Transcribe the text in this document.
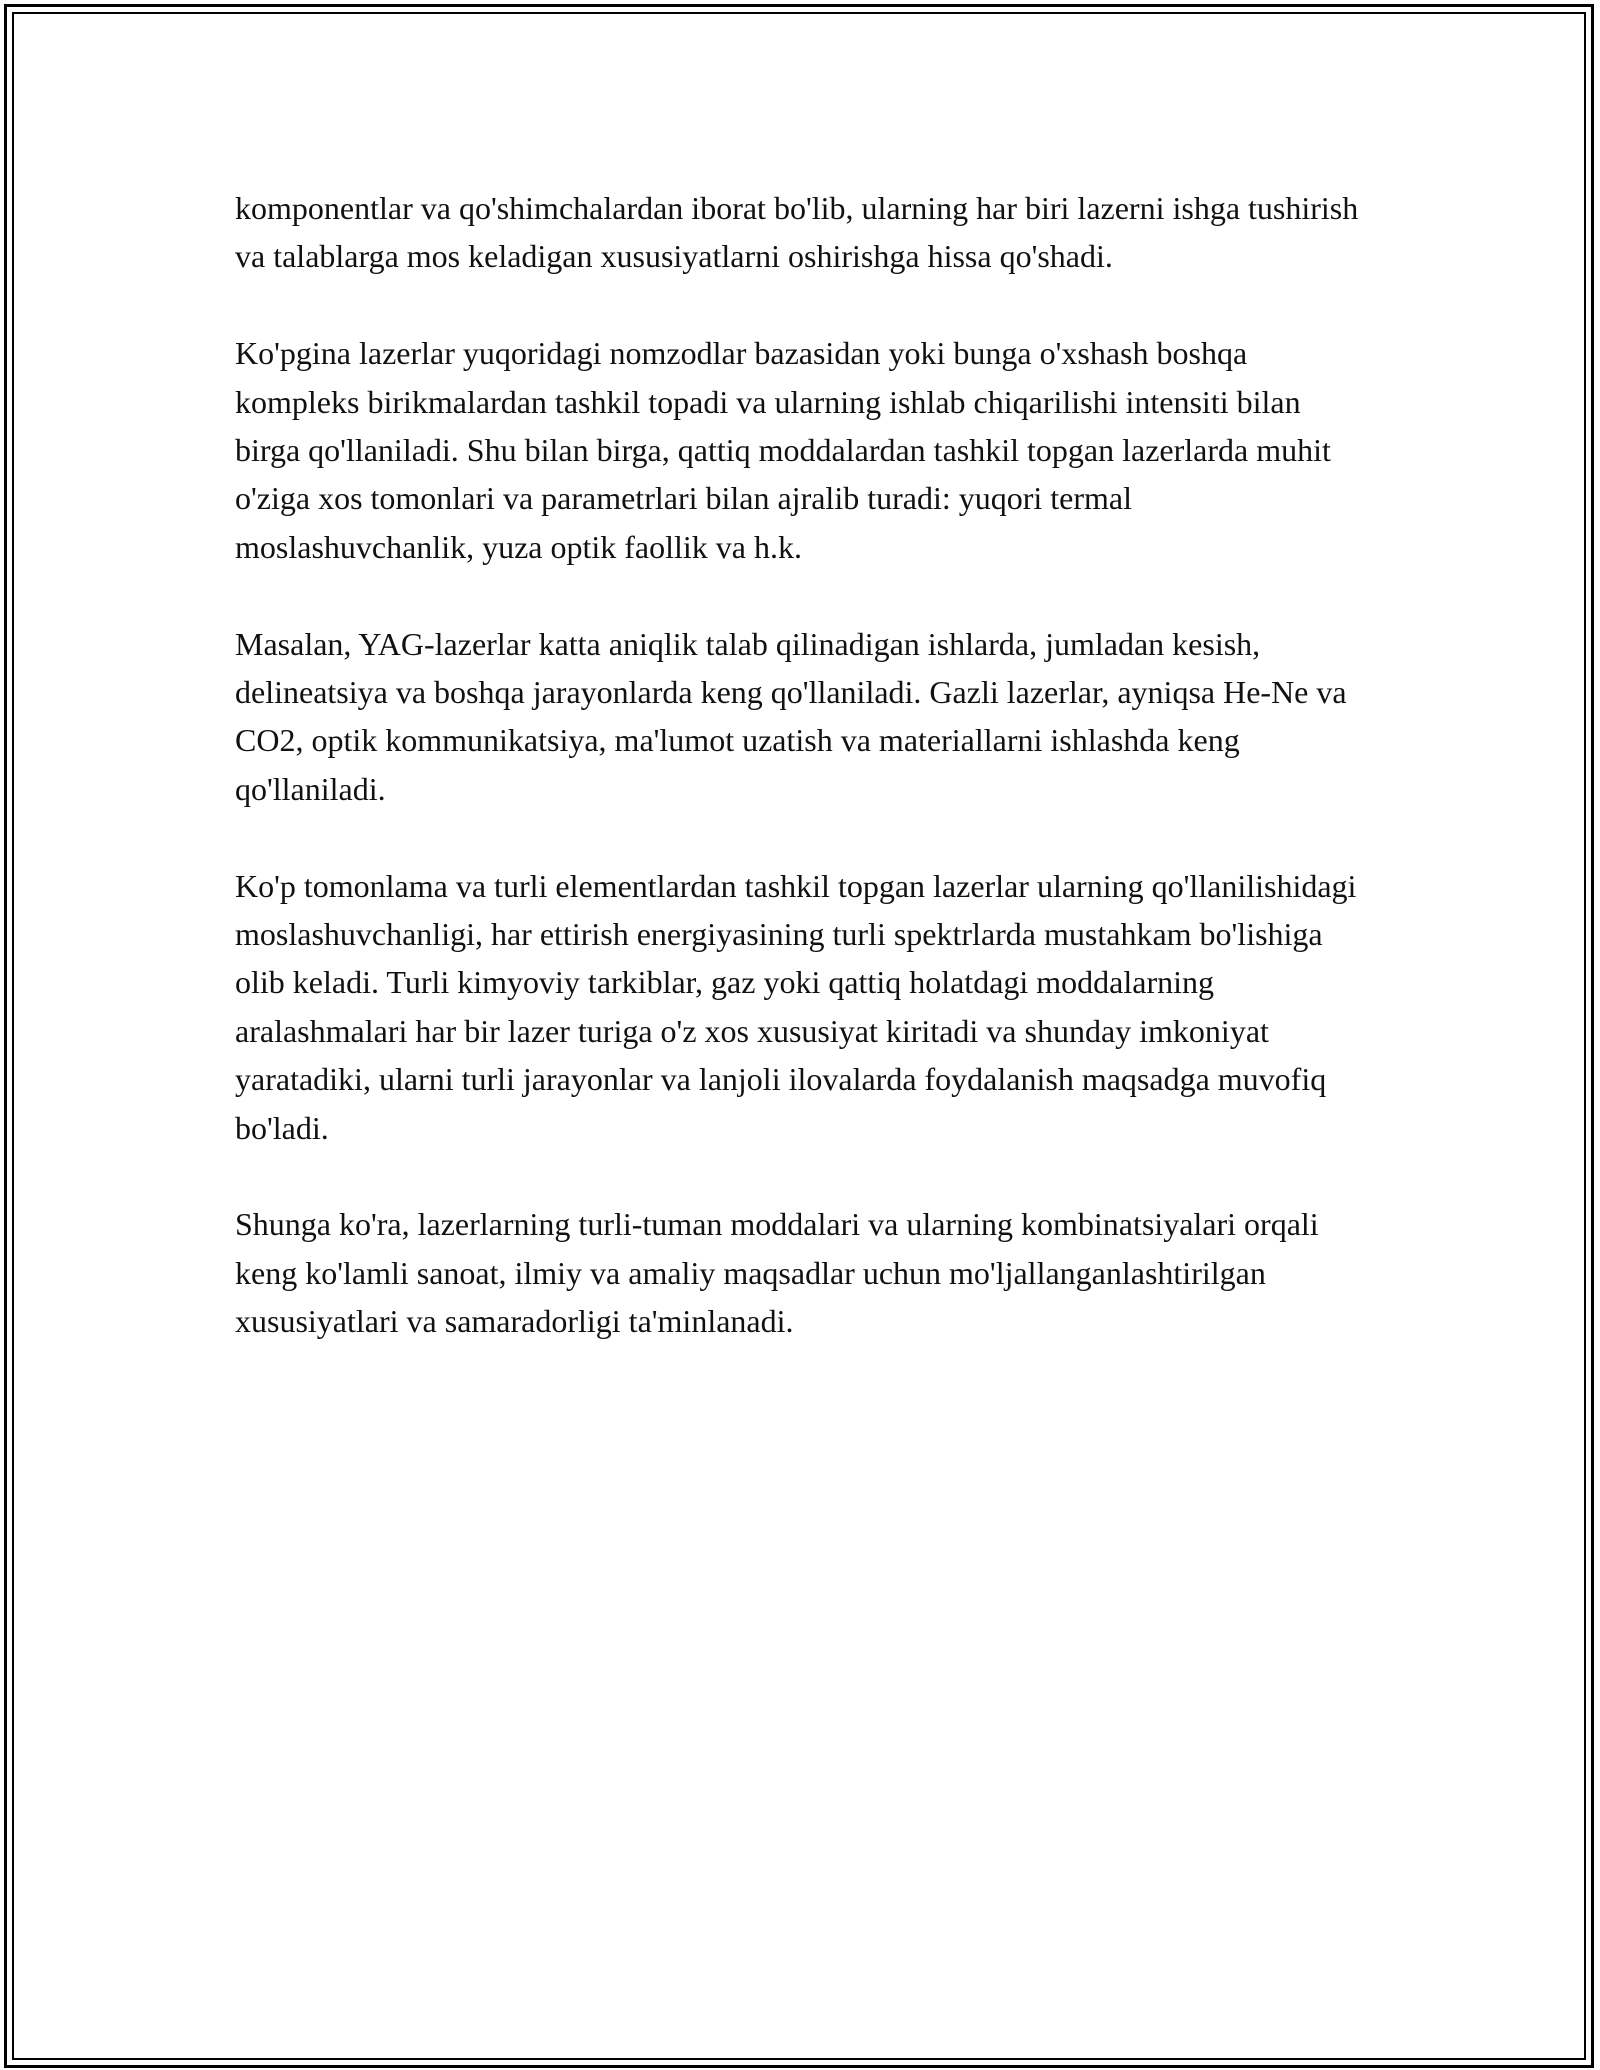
komponentlar va qo'shimchalardan iborat bo'lib, ularning har biri lazerni ishga tushirish va talablarga mos keladigan xususiyatlarni oshirishga hissa qo'shadi.

Ko'pgina lazerlar yuqoridagi nomzodlar bazasidan yoki bunga o'xshash boshqa kompleks birikmalardan tashkil topadi va ularning ishlab chiqarilishi intensiti bilan birga qo'llaniladi. Shu bilan birga, qattiq moddalardan tashkil topgan lazerlarda muhit o'ziga xos tomonlari va parametrlari bilan ajralib turadi: yuqori termal moslashuvchanlik, yuza optik faollik va h.k.

Masalan, YAG-lazerlar katta aniqlik talab qilinadigan ishlarda, jumladan kesish, delineatsiya va boshqa jarayonlarda keng qo'llaniladi. Gazli lazerlar, ayniqsa He-Ne va CO2, optik kommunikatsiya, ma'lumot uzatish va materiallarni ishlashda keng qo'llaniladi.

Ko'p tomonlama va turli elementlardan tashkil topgan lazerlar ularning qo'llanilishidagi moslashuvchanligi, har ettirish energiyasining turli spektrlarda mustahkam bo'lishiga olib keladi. Turli kimyoviy tarkiblar, gaz yoki qattiq holatdagi moddalarning aralashmalari har bir lazer turiga o'z xos xususiyat kiritadi va shunday imkoniyat yaratadiki, ularni turli jarayonlar va lanjoli ilovalarda foydalanish maqsadga muvofiq bo'ladi.

Shunga ko'ra, lazerlarning turli-tuman moddalari va ularning kombinatsiyalari orqali keng ko'lamli sanoat, ilmiy va amaliy maqsadlar uchun mo'ljallanganlashtirilgan xususiyatlari va samaradorligi ta'minlanadi.
